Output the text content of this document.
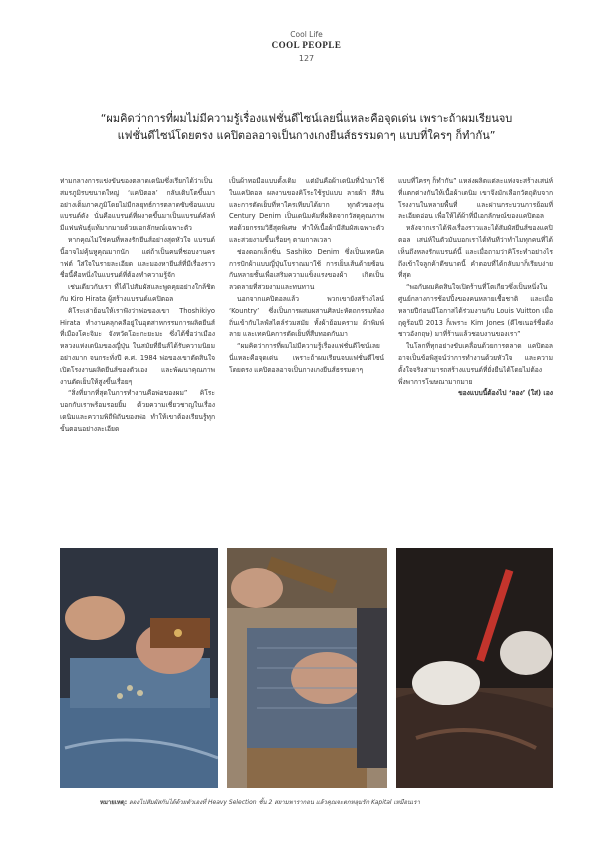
Cool Life
COOL PEOPLE
127
“ผมคิดว่าการที่ผมไม่มีความรู้เรื่องแฟชั่นดีไซน์เลยนี่แหละคือจุดเด่น เพราะถ้าผมเรียนจบ
แฟชั่นดีไซน์โดยตรง แคปิตอลอาจเป็นกางเกงยีนส์ธรรมดาๆ แบบที่ใครๆ ก็ทำกัน”

ท่ามกลางการแข่งขันของตลาดเดนิมซึ่งเรียกได้ว่าเป็นสมรภูมิรบขนาดใหญ่ ‘แคปิตอล’ กลับเติบโตขึ้นมาอย่างเต็มภาคภูมิโดยไม่มีกลยุทธ์การตลาดซับซ้อนแบบแบรนด์ดัง นั่นคือแบรนด์ที่ผงาดขึ้นมาเป็นแบรนด์คัลท์มีแฟนพันธุ์แท้มากมายด้วยเอกลักษณ์เฉพาะตัว

หากคุณไม่ใช่คนที่หลงรักยีนส์อย่างสุดหัวใจ แบรนด์นี้อาจไม่คุ้นหูคุณมากนัก แต่ถ้าเป็นคนที่ชอบงานคราฟต์ ใส่ใจในรายละเอียด และมองหายีนส์ที่มีเรื่องราว ชื่อนี้คือหนึ่งในแบรนด์ที่ต้องทำความรู้จัก

เช่นเดียวกับเรา ที่ได้ไปสัมผัสและพูดคุยอย่างใกล้ชิดกับ Kiro Hirata ผู้สร้างแบรนด์แคปิตอล

คิโระเล่าย้อนให้เราฟังว่าพ่อของเขา Thoshikiyo Hirata ทำงานคลุกคลีอยู่ในอุตสาหกรรมการผลิตยีนส์ที่เมืองโคะจิมะ จังหวัดโอะกะยะมะ ซึ่งได้ชื่อว่าเมืองหลวงแห่งเดนิมของญี่ปุ่น ในสมัยที่ยีนส์ได้รับความนิยมอย่างมาก จนกระทั่งปี ค.ศ. 1984 พ่อของเขาตัดสินใจเปิดโรงงานผลิตยีนส์ของตัวเอง และพัฒนาคุณภาพงานตัดเย็บให้สูงขึ้นเรื่อยๆ

“สิ่งที่ยากที่สุดในการทำงานคือพ่อของผม” คิโระบอกกับเราพร้อมรอยยิ้ม ด้วยความเชี่ยวชาญในเรื่องเดนิมและความพิถีพิถันของพ่อ ทำให้เขาต้องเรียนรู้ทุกขั้นตอนอย่างละเอียด

เป็นผ้าทอมือแบบดั้งเดิม แต่มันคือผ้าเดนิมที่นำมาใช้ในแคปิตอล ผลงานของคิโระใช้รูปแบบ ลายผ้า สีสัน และการตัดเย็บที่หาใครเทียบได้ยาก ทุกตัวของรุ่น Century Denim เป็นเดนิมคัมที่ผลิตจากวัสดุคุณภาพ ทอด้วยกรรมวิธีสุดพิเศษ ทำให้เนื้อผ้ามีสัมผัสเฉพาะตัวและสวยงามขึ้นเรื่อยๆ ตามกาลเวลา

ช่องดอกเล็กซิ่น Sashiko Denim ซึ่งเป็นเทคนิคการปักผ้าแบบญี่ปุ่นโบราณมาใช้ การเย็บเส้นด้ายซ้อนกันหลายชั้นเพื่อเสริมความแข็งแรงของผ้า เกิดเป็นลวดลายที่สวยงามและทนทาน

นอกจากแคปิตอลแล้ว พวกเขายังสร้างไลน์ ‘Kountry’ ซึ่งเป็นการผสมผสานศิลปะหัตถกรรมท้องถิ่นเข้ากับไลฟ์สไตล์ร่วมสมัย ทั้งผ้าย้อมคราม ผ้าพิมพ์ลาย และเทคนิคการตัดเย็บที่สืบทอดกันมา

“ผมคิดว่าการที่ผมไม่มีความรู้เรื่องแฟชั่นดีไซน์เลยนี่แหละคือจุดเด่น เพราะถ้าผมเรียนจบแฟชั่นดีไซน์โดยตรง แคปิตอลอาจเป็นกางเกงยีนส์ธรรมดาๆ

แบบที่ใครๆ ก็ทำกัน” แหล่งผลิตแต่ละแห่งจะสร้างเสน่ห์ที่แตกต่างกันให้เนื้อผ้าเดนิม เขาจึงมักเลือกวัตถุดิบจากโรงงานในหลายพื้นที่ และผ่านกระบวนการย้อมที่ละเอียดอ่อน เพื่อให้ได้ผ้าที่มีเอกลักษณ์ของแคปิตอล

หลังจากเราได้ฟังเรื่องราวและได้สัมผัสยีนส์ของแคปิตอล เสน่ห์ในตัวมันบอกเราได้ทันทีว่าทำไมทุกคนที่ได้เห็นถึงหลงรักแบรนด์นี้ และเมื่อถามว่าคิโระทำอย่างไรถึงเข้าใจลูกค้าดีขนาดนี้ คำตอบที่ได้กลับมาก็เรียบง่ายที่สุด

“พอกับผมคิดสินใจเปิดร้านที่โตเกียวซึ่งเป็นหนึ่งในศูนย์กลางการช้อปปิ้งของคนหลายเชื้อชาติ และเมื่อหลายปีก่อนมีโอกาสได้ร่วมงานกับ Louis Vuitton เมื่อฤดูร้อนปี 2013 ก็เพราะ Kim Jones (ดีไซเนอร์ชื่อดังชาวอังกฤษ) มาที่ร้านแล้วชอบงานของเรา”

ในโลกที่ทุกอย่างขับเคลื่อนด้วยการตลาด แคปิตอลอาจเป็นข้อพิสูจน์ว่าการทำงานด้วยหัวใจ และความตั้งใจจริงสามารถสร้างแบรนด์ที่ยั่งยืนได้โดยไม่ต้องพึ่งพาการโฆษณามากมาย

ของแบบนี้ต้องไป ‘ลอง’ (ใส่) เอง

หมายเหตุ: ลองไปสัมผัสกันได้ด้วยตัวเองที่ Heavy Selection ชั้น 2 สยามพารากอน แล้วคุณจะตกหลุมรัก Kapital เหมือนเรา
